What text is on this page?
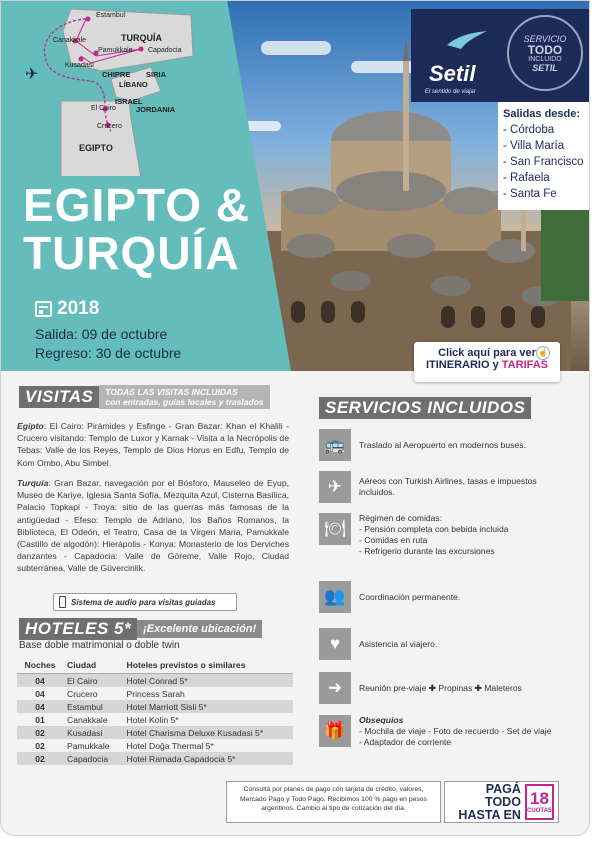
Estambul
Canakkale
Pamukkale Capadocia
Kusadasi
TURQUÍA
CHIPRE SIRIA
LÍBANO
ISRAEL
JORDANIA
El Cairo
Crucero
EGIPTO
✈
EGIPTO &
TURQUÍA
2018
Salida: 09 de octubre
Regreso: 30 de octubre
Setil
El sentido de viajar
SERVICIO
TODO
INCLUIDO
SETIL
Salidas desde:
- Córdoba
- Villa María
- San Francisco
- Rafaela
- Santa Fe
Click aquí para ver
ITINERARIO y TARIFAS
☝
VISITAS	TODAS LAS VISITAS INCLUIDAS
con entradas, guías locales y traslados
Egipto: El Cairo: Pirámides y Esfinge - Gran Bazar: Khan el Khalili - Crucero visitando: Templo de Luxor y Karnak - Visita a la Necrópolis de Tebas: Valle de los Reyes, Templo de Dios Horus en Edfu, Templo de Kom Ombo, Abu Simbel.
Turquía: Gran Bazar, navegación por el Bósforo, Mauseleo de Eyup, Museo de Kariye, Iglesia Santa Sofía, Mezquita Azul, Cisterna Basílica, Palacio Topkapi - Troya: sitio de las guerras más famosas de la antigüedad - Efeso: Templo de Adriano, los Baños Romanos, la Biblioteca, El Odeón, el Teatro, Casa de la Virgen Maria, Pamukkale (Castillo de algodón): Hierápolis - Konya: Monasterio de los Derviches danzantes - Capadocia: Valle de Göreme, Valle Rojo, Ciudad subterránea, Valle de Güvercinlik.
Sistema de audio para visitas guiadas
HOTELES 5*	¡Excelente ubicación!
Base doble matrimonial o doble twin
Noches	Ciudad	Hoteles previstos o similares
04	El Cairo	Hotel Conrad 5*
04	Crucero	Princess Sarah
04	Estambul	Hotel Marriott Sisli 5*
01	Canakkale	Hotel Kolin 5*
02	Kusadasi	Hotel Charisma Deluxe Kusadasi 5*
02	Pamukkale	Hotel Doğa Thermal 5*
02	Capadocia	Hotel Ramada Capadocia 5*
SERVICIOS INCLUIDOS
🚌	Traslado al Aeropuerto en modernos buses.
✈	Aéreos con Turkish Airlines, tasas e impuestos incluidos.
🍽
Régimen de comidas:
- Pensión completa con bebida incluida
- Comidas en ruta
- Refrigerio durante las excursiones
👥	Coordinación permanente.
♥	Asistencia al viajero.
➜	Reunión pre-viaje ✚ Propinas ✚ Maleteros
🎁
Obsequios
- Mochila de viaje - Foto de recuerdo - Set de viaje
- Adaptador de corriente
Consultá por planes de pago con tarjeta de crédito, valores, Mercado Pago y Todo Pago. Recibimos 100 % pago en pesos argentinos. Cambio al tipo de cotización del día.
PAGÁ TODO
HASTA EN
18
CUOTAS
